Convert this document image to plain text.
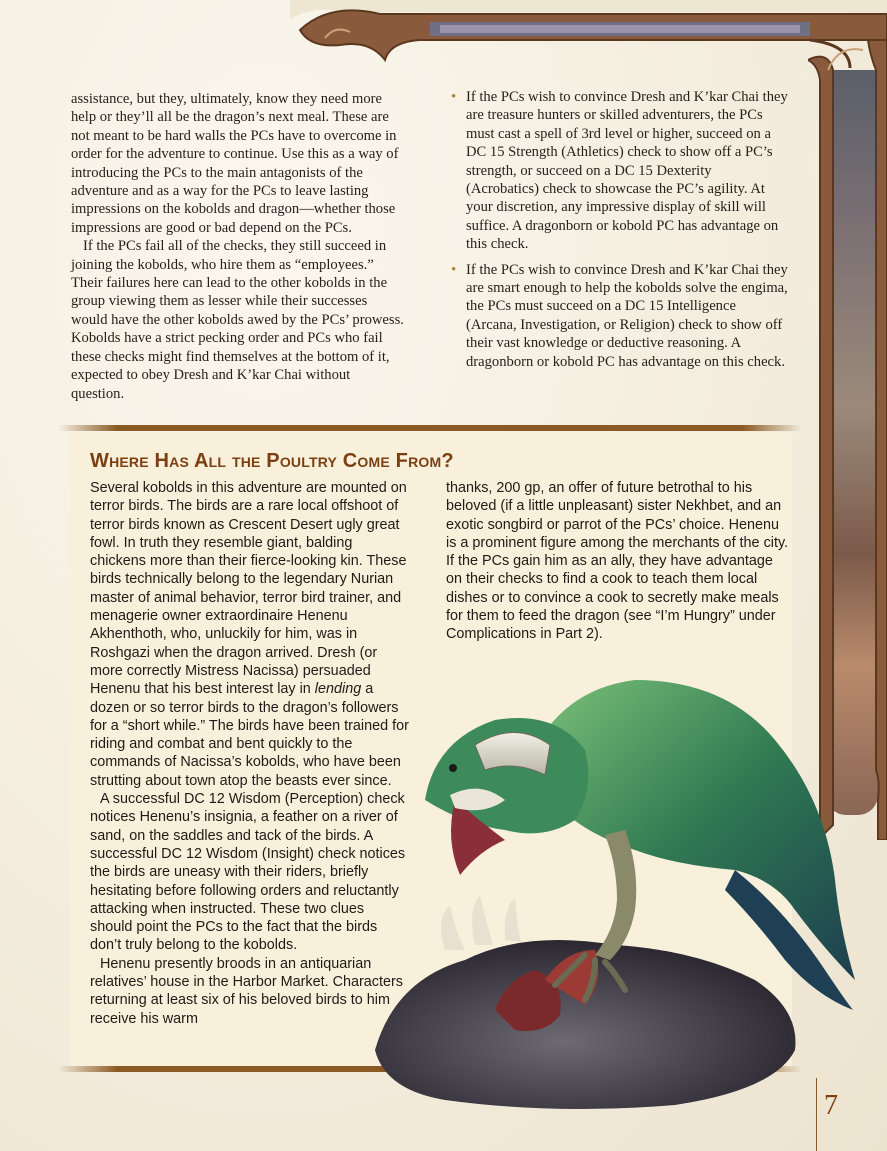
assistance, but they, ultimately, know they need more help or they’ll all be the dragon’s next meal. These are not meant to be hard walls the PCs have to overcome in order for the adventure to continue. Use this as a way of introducing the PCs to the main antagonists of the adventure and as a way for the PCs to leave lasting impressions on the kobolds and dragon—whether those impressions are good or bad depend on the PCs.

If the PCs fail all of the checks, they still succeed in joining the kobolds, who hire them as “employees.” Their failures here can lead to the other kobolds in the group viewing them as lesser while their successes would have the other kobolds awed by the PCs’ prowess. Kobolds have a strict pecking order and PCs who fail these checks might find themselves at the bottom of it, expected to obey Dresh and K’kar Chai without question.

• If the PCs wish to convince Dresh and K’kar Chai they are treasure hunters or skilled adventurers, the PCs must cast a spell of 3rd level or higher, succeed on a DC 15 Strength (Athletics) check to show off a PC’s strength, or succeed on a DC 15 Dexterity (Acrobatics) check to showcase the PC’s agility. At your discretion, any impressive display of skill will suffice. A dragonborn or kobold PC has advantage on this check.
• If the PCs wish to convince Dresh and K’kar Chai they are smart enough to help the kobolds solve the engima, the PCs must succeed on a DC 15 Intelligence (Arcana, Investigation, or Religion) check to show off their vast knowledge or deductive reasoning. A dragonborn or kobold PC has advantage on this check.
Where Has All the Poultry Come From?

Several kobolds in this adventure are mounted on terror birds. The birds are a rare local offshoot of terror birds known as Crescent Desert ugly great fowl. In truth they resemble giant, balding chickens more than their fierce-looking kin. These birds technically belong to the legendary Nurian master of animal behavior, terror bird trainer, and menagerie owner extraordinaire Henenu Akhenthoth, who, unluckily for him, was in Roshgazi when the dragon arrived. Dresh (or more correctly Mistress Nacissa) persuaded Henenu that his best interest lay in lending a dozen or so terror birds to the dragon’s followers for a “short while.” The birds have been trained for riding and combat and bent quickly to the commands of Nacissa’s kobolds, who have been strutting about town atop the beasts ever since.

A successful DC 12 Wisdom (Perception) check notices Henenu’s insignia, a feather on a river of sand, on the saddles and tack of the birds. A successful DC 12 Wisdom (Insight) check notices the birds are uneasy with their riders, briefly hesitating before following orders and reluctantly attacking when instructed. These two clues should point the PCs to the fact that the birds don’t truly belong to the kobolds.

Henenu presently broods in an antiquarian relatives’ house in the Harbor Market. Characters returning at least six of his beloved birds to him receive his warm

thanks, 200 gp, an offer of future betrothal to his beloved (if a little unpleasant) sister Nekhbet, and an exotic songbird or parrot of the PCs’ choice. Henenu is a prominent figure among the merchants of the city. If the PCs gain him as an ally, they have advantage on their checks to find a cook to teach them local dishes or to convince a cook to secretly make meals for them to feed the dragon (see “I’m Hungry” under Complications in Part 2).

7
